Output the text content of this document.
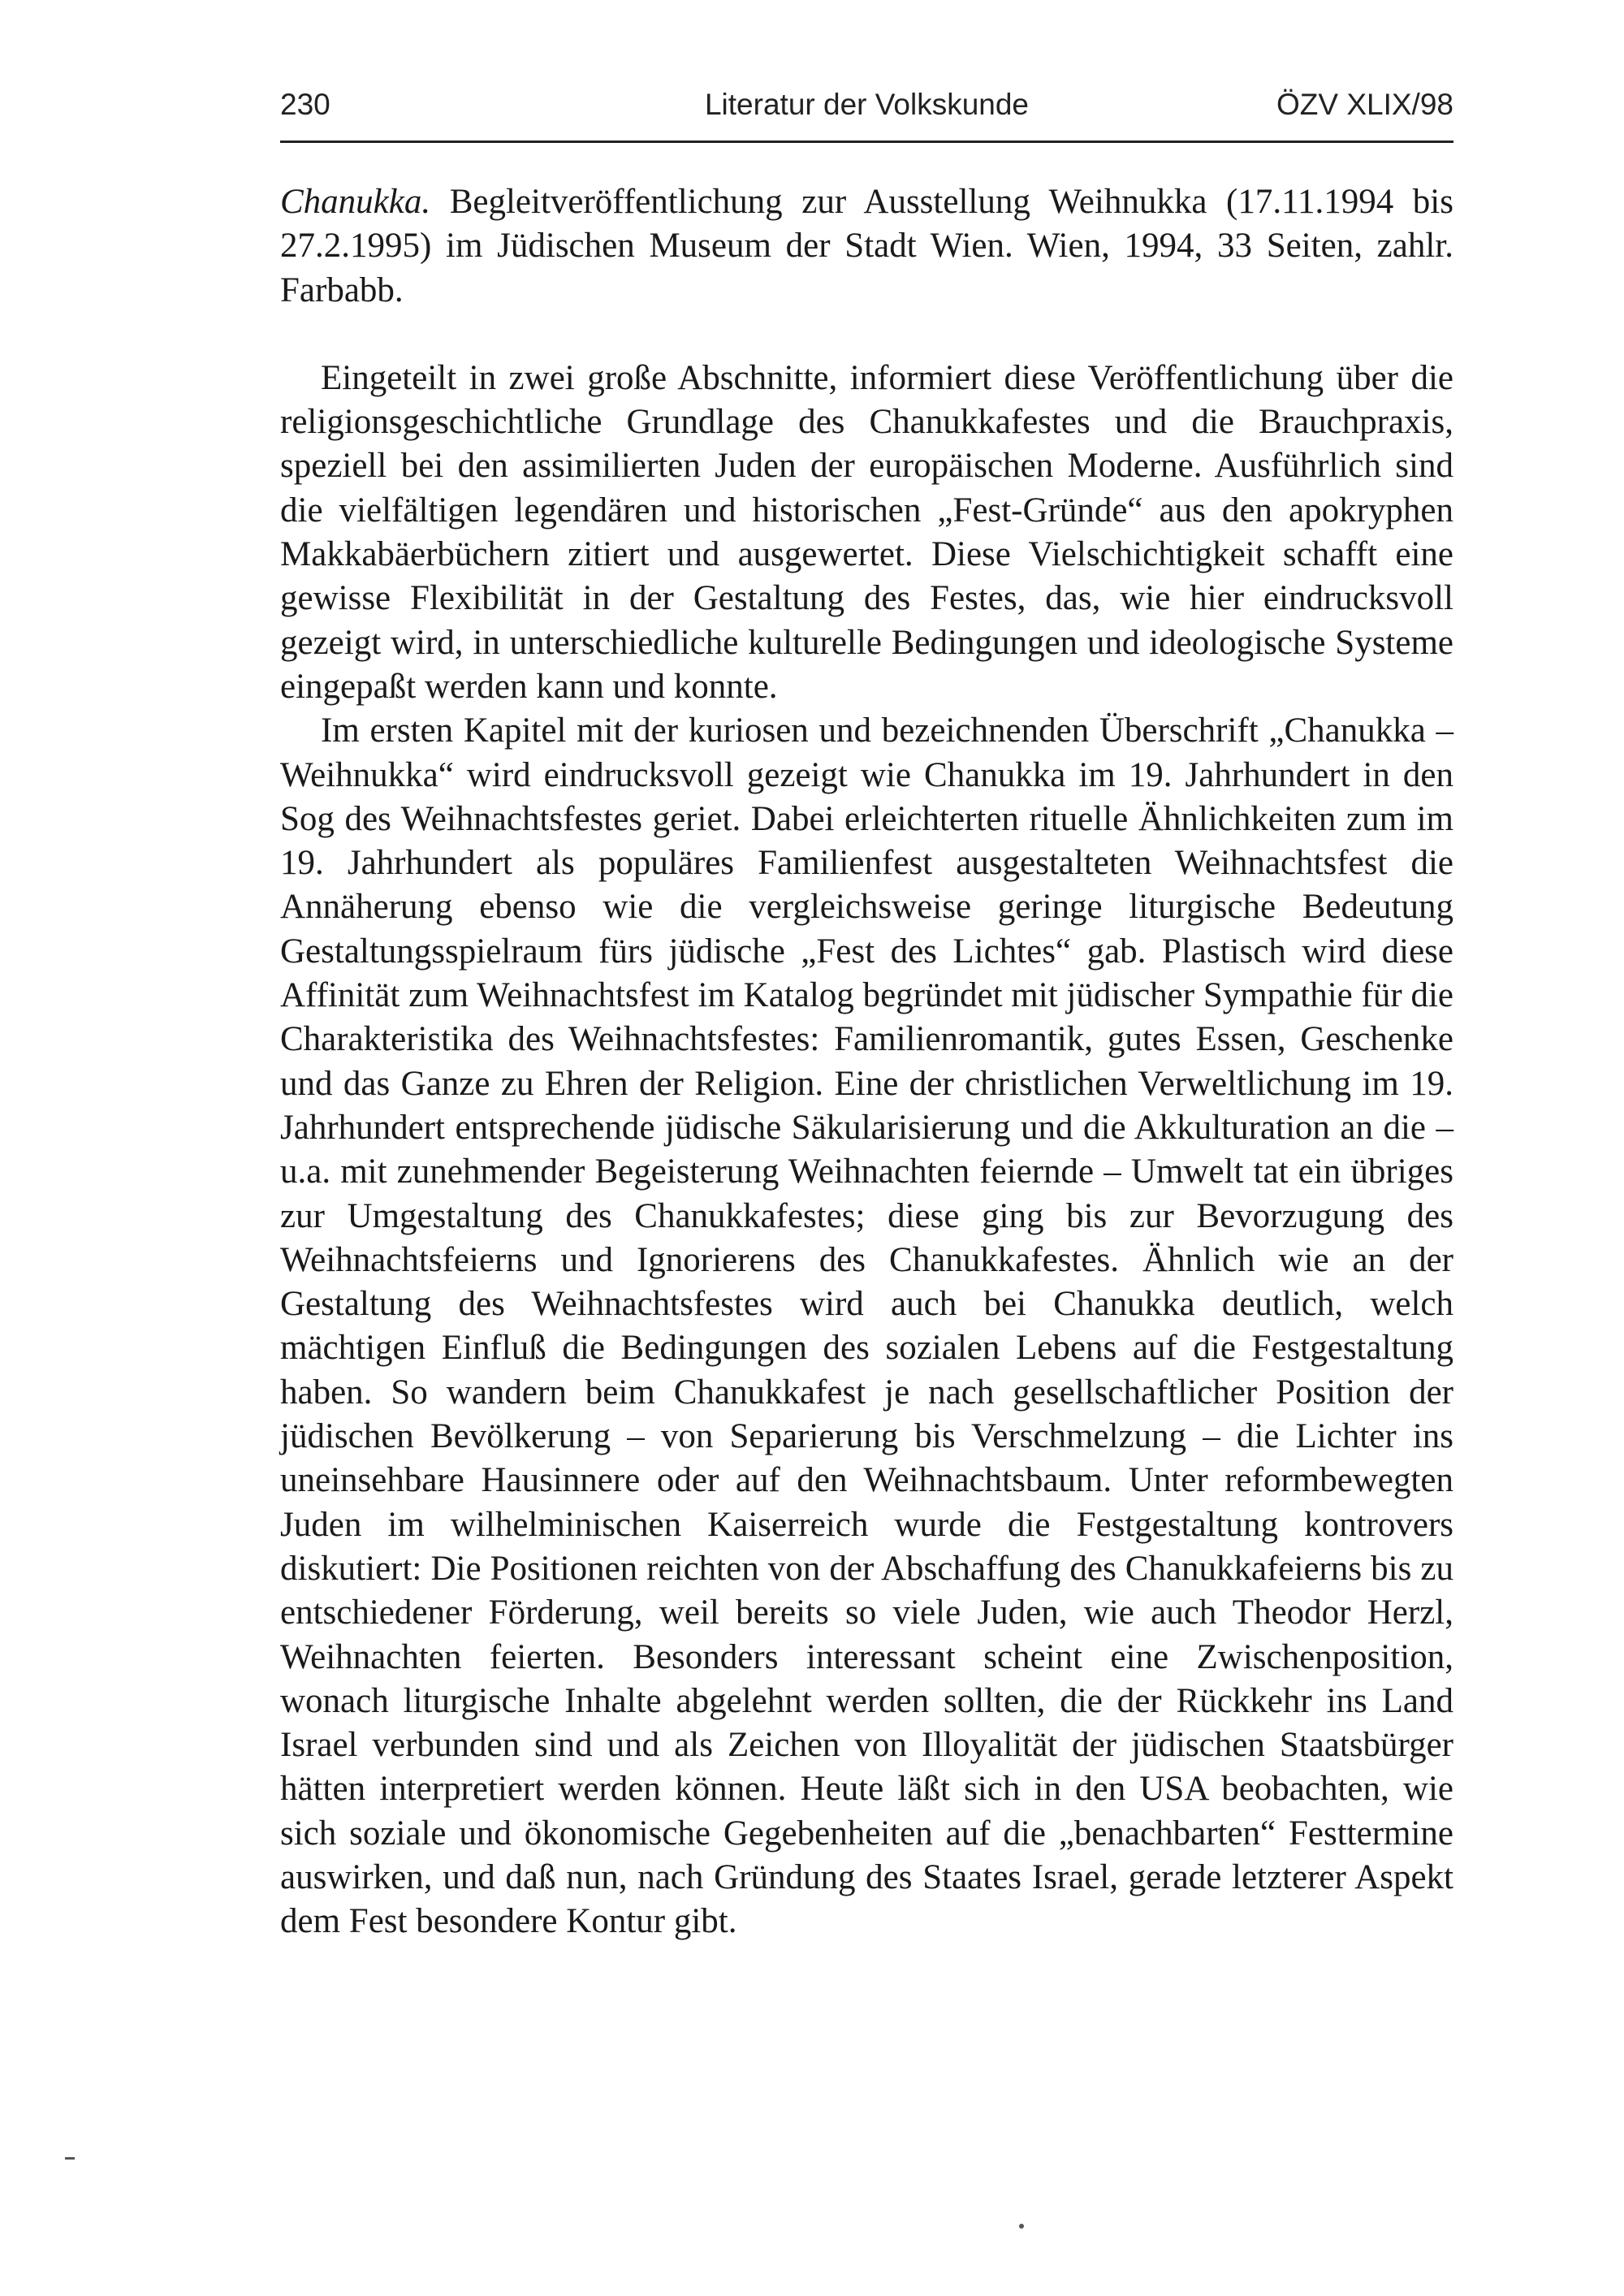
230	Literatur der Volkskunde	ÖZV XLIX/98

Chanukka. Begleitveröffentlichung zur Ausstellung Weihnukka (17.11.1994 bis 27.2.1995) im Jüdischen Museum der Stadt Wien. Wien, 1994, 33 Seiten, zahlr. Farbabb.

Eingeteilt in zwei große Abschnitte, informiert diese Veröffentlichung über die religionsgeschichtliche Grundlage des Chanukkafestes und die Brauchpraxis, speziell bei den assimilierten Juden der europäischen Moderne. Ausführlich sind die vielfältigen legendären und historischen „Fest-Gründe“ aus den apokryphen Makkabäerbüchern zitiert und ausgewertet. Diese Vielschichtigkeit schafft eine gewisse Flexibilität in der Gestaltung des Festes, das, wie hier eindrucksvoll gezeigt wird, in unterschiedliche kulturelle Bedingungen und ideologische Systeme eingepaßt werden kann und konnte.

Im ersten Kapitel mit der kuriosen und bezeichnenden Überschrift „Chanukka – Weihnukka“ wird eindrucksvoll gezeigt wie Chanukka im 19. Jahrhundert in den Sog des Weihnachtsfestes geriet. Dabei erleichterten rituelle Ähnlichkeiten zum im 19. Jahrhundert als populäres Familienfest ausgestalteten Weihnachtsfest die Annäherung ebenso wie die vergleichsweise geringe liturgische Bedeutung Gestaltungsspielraum fürs jüdische „Fest des Lichtes“ gab. Plastisch wird diese Affinität zum Weihnachtsfest im Katalog begründet mit jüdischer Sympathie für die Charakteristika des Weihnachtsfestes: Familienromantik, gutes Essen, Geschenke und das Ganze zu Ehren der Religion. Eine der christlichen Verweltlichung im 19. Jahrhundert entsprechende jüdische Säkularisierung und die Akkulturation an die – u.a. mit zunehmender Begeisterung Weihnachten feiernde – Umwelt tat ein übriges zur Umgestaltung des Chanukkafestes; diese ging bis zur Bevorzugung des Weihnachtsfeierns und Ignorierens des Chanukkafestes. Ähnlich wie an der Gestaltung des Weihnachtsfestes wird auch bei Chanukka deutlich, welch mächtigen Einfluß die Bedingungen des sozialen Lebens auf die Festgestaltung haben. So wandern beim Chanukkafest je nach gesellschaftlicher Position der jüdischen Bevölkerung – von Separierung bis Verschmelzung – die Lichter ins uneinsehbare Hausinnere oder auf den Weihnachtsbaum. Unter reformbewegten Juden im wilhelminischen Kaiserreich wurde die Festgestaltung kontrovers diskutiert: Die Positionen reichten von der Abschaffung des Chanukkafeierns bis zu entschiedener Förderung, weil bereits so viele Juden, wie auch Theodor Herzl, Weihnachten feierten. Besonders interessant scheint eine Zwischenposition, wonach liturgische Inhalte abgelehnt werden sollten, die der Rückkehr ins Land Israel verbunden sind und als Zeichen von Illoyalität der jüdischen Staatsbürger hätten interpretiert werden können. Heute läßt sich in den USA beobachten, wie sich soziale und ökonomische Gegebenheiten auf die „benachbarten“ Festtermine auswirken, und daß nun, nach Gründung des Staates Israel, gerade letzterer Aspekt dem Fest besondere Kontur gibt.
